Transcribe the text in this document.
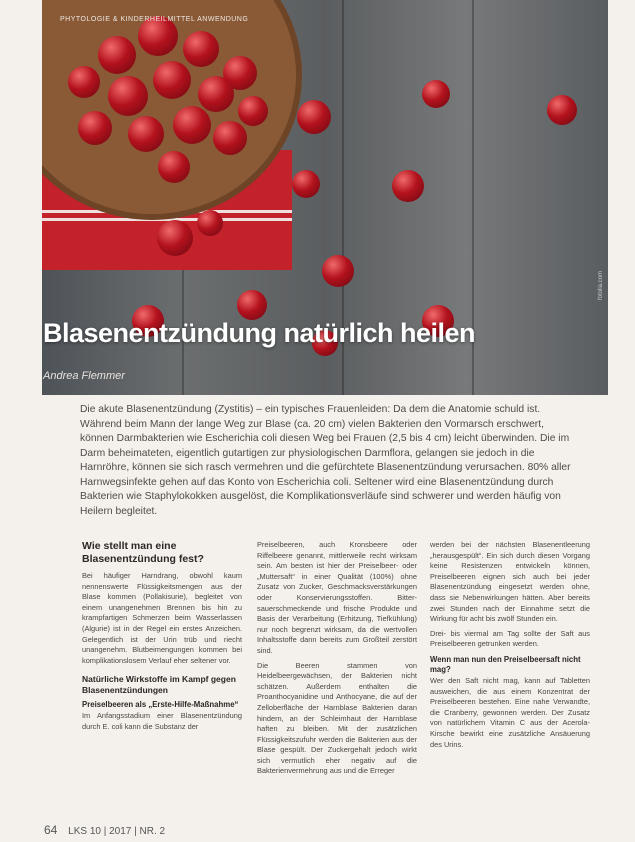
PHYTOLOGIE & KINDERHEILMITTEL ANWENDUNG
fotolia.com
Blasenentzündung natürlich heilen
Andrea Flemmer

Die akute Blasenentzündung (Zystitis) – ein typisches Frauenleiden: Da dem die Anatomie schuld ist. Während beim Mann der lange Weg zur Blase (ca. 20 cm) vielen Bakterien den Vormarsch erschwert, können Darmbakterien wie Escherichia coli diesen Weg bei Frauen (2,5 bis 4 cm) leicht überwinden. Die im Darm beheimateten, eigentlich gutartigen zur physiologischen Darmflora, gelangen sie jedoch in die Harnröhre, können sie sich rasch vermehren und die gefürchtete Blasenentzündung verursachen. 80% aller Harnwegsinfekte gehen auf das Konto von Escherichia coli. Seltener wird eine Blasenentzündung durch Bakterien wie Staphylokokken ausgelöst, die Komplikationsverläufe sind schwerer und werden häufig von Heilern begleitet.

Wie stellt man eine Blasenentzündung fest?

Bei häufiger Harndrang, obwohl kaum nennenswerte Flüssigkeitsmengen aus der Blase kommen (Pollakisurie), begleitet von einem unangenehmen Brennen bis hin zu krampfartigen Schmerzen beim Wasserlassen (Algurie) ist in der Regel ein erstes Anzeichen. Gelegentlich ist der Urin trüb und riecht unangenehm. Blutbeimengungen kommen bei komplikationslosem Verlauf eher seltener vor.

Natürliche Wirkstoffe im Kampf gegen Blasenentzündungen
Preiselbeeren als „Erste-Hilfe-Maßnahme“

Im Anfangsstadium einer Blasenentzündung durch E. coli kann die Substanz der

Preiselbeeren, auch Kronsbeere oder Riffelbeere genannt, mittlerweile recht wirksam sein. Am besten ist hier der Preiselbeer- oder „Muttersaft“ in einer Qualität (100%) ohne Zusatz von Zucker, Geschmacksverstärkungen oder Konservierungsstoffen. Bitter-sauerschmeckende und frische Produkte und Basis der Verarbeitung (Erhitzung, Tiefkühlung) nur noch begrenzt wirksam, da die wertvollen Inhaltsstoffe dann bereits zum Großteil zerstört sind.

Die Beeren stammen von Heidelbeergewächsen, der Bakterien nicht schätzen. Außerdem enthalten die Proanthocyanidine und Anthocyane, die auf der Zelloberfläche der Harnblase Bakterien daran hindern, an der Schleimhaut der Harnblase haften zu bleiben. Mit der zusätzlichen Flüssigkeitszufuhr werden die Bakterien aus der Blase gespült. Der Zuckergehalt jedoch wirkt sich vermutlich eher negativ auf die Bakterienvermehrung aus und die Erreger

werden bei der nächsten Blasenentleerung „herausgespült“. Ein sich durch diesen Vorgang keine Resistenzen entwickeln können, Preiselbeeren eignen sich auch bei jeder Blasenentzündung eingesetzt werden ohne, dass sie Nebenwirkungen hätten. Aber bereits zwei Stunden nach der Einnahme setzt die Wirkung für acht bis zwölf Stunden ein.

Drei- bis viermal am Tag sollte der Saft aus Preiselbeeren getrunken werden.

Wenn man nun den Preiselbeersaft nicht mag?

Wer den Saft nicht mag, kann auf Tabletten ausweichen, die aus einem Konzentrat der Preiselbeeren bestehen. Eine nahe Verwandte, die Cranberry, gewonnen werden. Der Zusatz von natürlichem Vitamin C aus der Acerola-Kirsche bewirkt eine zusätzliche Ansäuerung des Urins.

64 LKS 10 | 2017 | NR. 2
